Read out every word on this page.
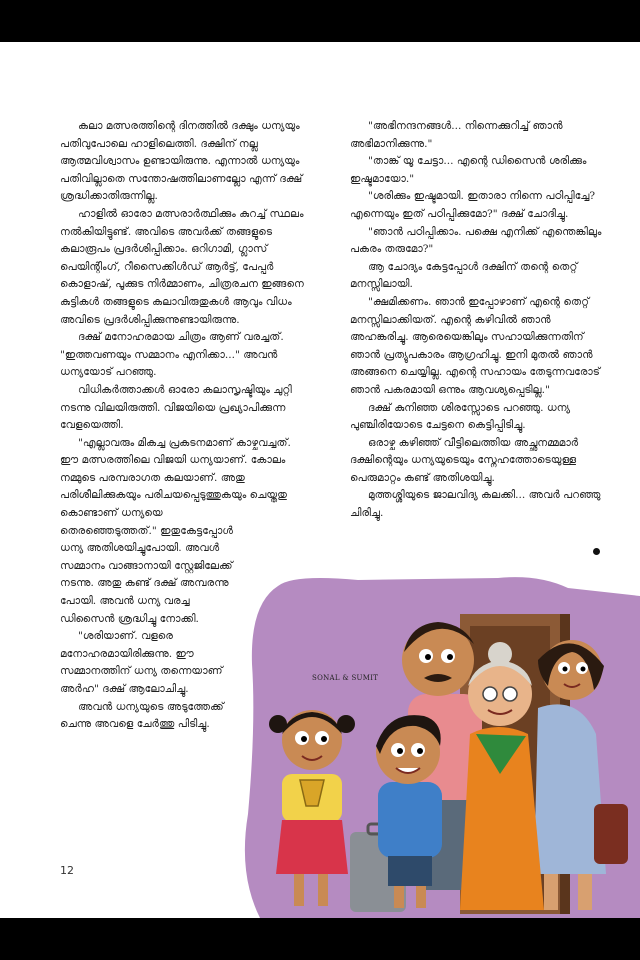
കലാ മത്സരത്തിന്റെ ദിനത്തിൽ ദക്ഷും ധന്യയും പതിവുപോലെ ഹാളിലെത്തി. ദക്ഷിന് നല്ല ആത്മവിശ്വാസം ഉണ്ടായിരുന്നു. എന്നാൽ ധന്യയും പതിവില്ലാതെ സന്തോഷത്തിലാണല്ലോ എന്ന് ദക്ഷ് ശ്രദ്ധിക്കാതിരുന്നില്ല.

ഹാളിൽ ഓരോ മത്സരാർത്ഥിക്കും കുറച്ച് സ്ഥലം നൽകിയിട്ടുണ്ട്. അവിടെ അവർക്ക് തങ്ങളുടെ കലാരൂപം പ്രദർശിപ്പിക്കാം. ഒറിഗാമി, ഗ്ലാസ് പെയിന്റിംഗ്, റീസൈക്കിൾഡ് ആർട്ട്, പേപ്പർ കൊളാഷ്, പൂക്കുട നിർമ്മാണം, ചിത്രരചന ഇങ്ങനെ കുട്ടികൾ തങ്ങളുടെ കലാവിരുതുകൾ ആവും വിധം അവിടെ പ്രദർശിപ്പിക്കുന്നുണ്ടായിരുന്നു.

ദക്ഷ് മനോഹരമായ ചിത്രം ആണ് വരച്ചത്. "ഇത്തവണയും സമ്മാനം എനിക്കാ..." അവൻ ധന്യയോട് പറഞ്ഞു.

വിധികർത്താക്കൾ ഓരോ കലാസൃഷ്ടിയും ചുറ്റി നടന്നു വിലയിരുത്തി. വിജയിയെ പ്രഖ്യാപിക്കുന്ന വേളയെത്തി.

"എല്ലാവരും മികച്ച പ്രകടനമാണ് കാഴ്ചവച്ചത്. ഈ മത്സരത്തിലെ വിജയി ധന്യയാണ്. കോലം നമ്മുടെ പരമ്പരാഗത കലയാണ്. അതു പരിശീലിക്കുകയും പരിചയപ്പെടുത്തുകയും ചെയ്തതു

കൊണ്ടാണ് ധന്യയെ തെരഞ്ഞെടുത്തത്." ഇതുകേട്ടപ്പോൾ ധന്യ അതിശയിച്ചുപോയി. അവൾ സമ്മാനം വാങ്ങാനായി സ്റ്റേജിലേക്ക് നടന്നു. അതു കണ്ട് ദക്ഷ് അമ്പരന്നു പോയി. അവൻ ധന്യ വരച്ച ഡിസൈൻ ശ്രദ്ധിച്ചു നോക്കി.

"ശരിയാണ്. വളരെ മനോഹരമായിരിക്കുന്നു. ഈ സമ്മാനത്തിന് ധന്യ തന്നെയാണ് അർഹ" ദക്ഷ് ആലോചിച്ചു.

അവൻ ധന്യയുടെ അടുത്തേക്ക് ചെന്നു അവളെ ചേർത്തു പിടിച്ചു.

"അഭിനന്ദനങ്ങൾ... നിന്നെക്കുറിച്ച് ഞാൻ അഭിമാനിക്കുന്നു."

"താങ്ക് യൂ ചേട്ടാ... എന്റെ ഡിസൈൻ ശരിക്കും ഇഷ്ടമായോ."

"ശരിക്കും ഇഷ്ടമായി. ഇതാരാ നിന്നെ പഠിപ്പിച്ചേ? എന്നെയും ഇത് പഠിപ്പിക്കുമോ?" ദക്ഷ് ചോദിച്ചു.

"ഞാൻ പഠിപ്പിക്കാം. പക്ഷെ എനിക്ക് എന്തെങ്കിലും പകരം തരുമോ?"

ആ ചോദ്യം കേട്ടപ്പോൾ ദക്ഷിന് തന്റെ തെറ്റ് മനസ്സിലായി.

"ക്ഷമിക്കണം. ഞാൻ ഇപ്പോഴാണ് എന്റെ തെറ്റ് മനസ്സിലാക്കിയത്. എന്റെ കഴിവിൽ ഞാൻ അഹങ്കരിച്ചു. ആരെയെങ്കിലും സഹായിക്കുന്നതിന് ഞാൻ പ്രത്യുപകാരം ആഗ്രഹിച്ചു. ഇനി മുതൽ ഞാൻ അങ്ങനെ ചെയ്യില്ല. എന്റെ സഹായം തേടുന്നവരോട് ഞാൻ പകരമായി ഒന്നും ആവശ്യപ്പെടില്ല."

ദക്ഷ് കുനിഞ്ഞ ശിരസ്സോടെ പറഞ്ഞു. ധന്യ പുഞ്ചിരിയോടെ ചേട്ടനെ കെട്ടിപ്പിടിച്ചു.

ഒരാഴ്ച കഴിഞ്ഞ് വീട്ടിലെത്തിയ അച്ഛനമ്മമാർ ദക്ഷിന്റെയും ധന്യയുടെയും സ്നേഹത്തോടെയുള്ള പെരുമാറ്റം കണ്ട് അതിശയിച്ചു.

മുത്തശ്ശിയുടെ ജാലവിദ്യ കലക്കി... അവർ പറഞ്ഞു ചിരിച്ചു.

SONAL & SUMIT
12
